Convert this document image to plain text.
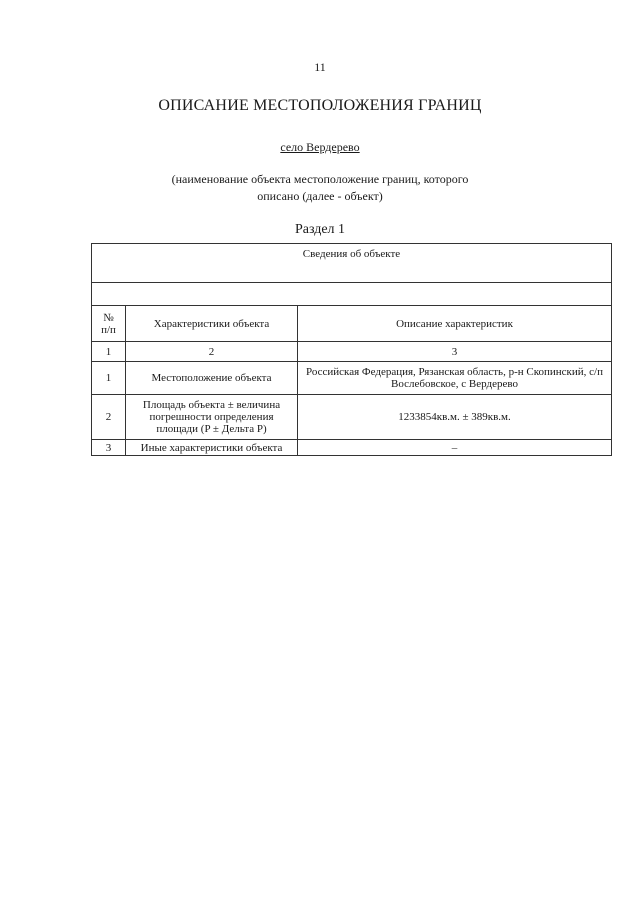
11
ОПИСАНИЕ МЕСТОПОЛОЖЕНИЯ ГРАНИЦ
село Вердерево
(наименование объекта местоположение границ, которого описано (далее - объект)
Раздел 1
Сведения об объекте		

№ п/п	Характеристики объекта	Описание характеристик
1	2	3
1	Местоположение объекта	Российская Федерация, Рязанская область, р-н Скопинский, с/п Вослебовское, с Вердерево
2	Площадь объекта ± величина погрешности определения площади (P ± Дельта P)	1233854кв.м. ± 389кв.м.
3	Иные характеристики объекта	–
